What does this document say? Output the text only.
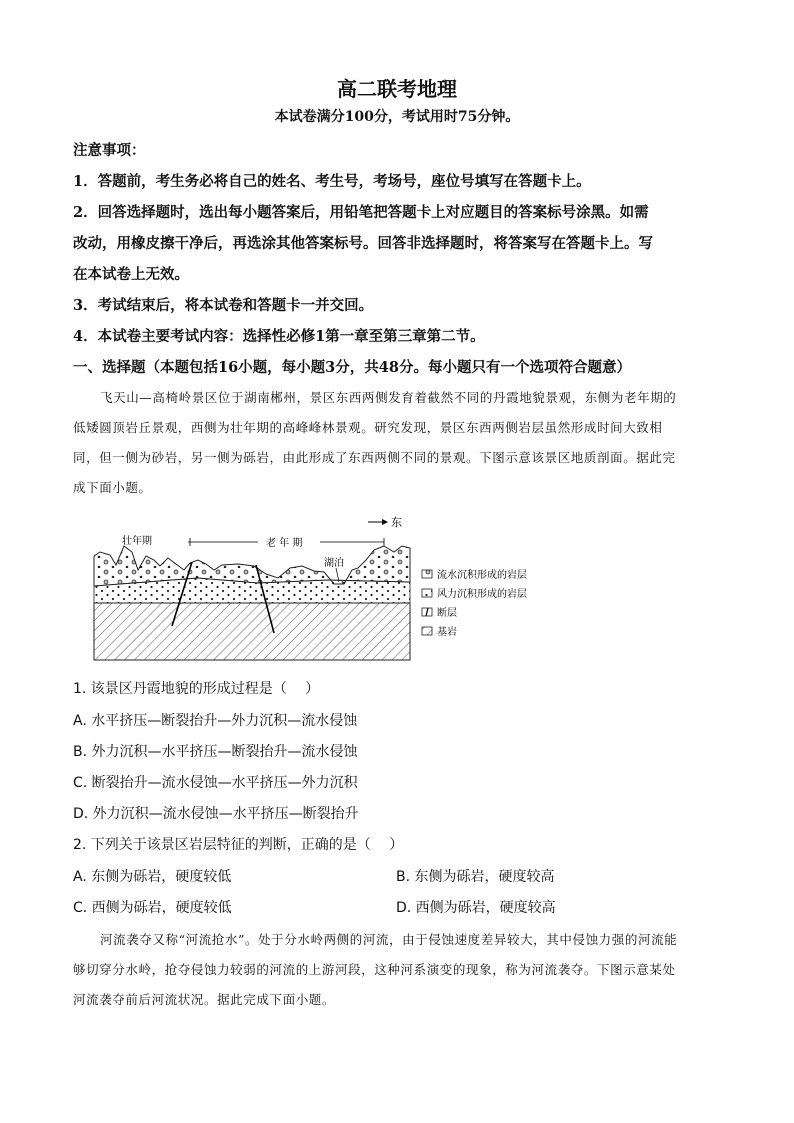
高二联考地理
本试卷满分100分，考试用时75分钟。
注意事项：
1．答题前，考生务必将自己的姓名、考生号，考场号，座位号填写在答题卡上。
2．回答选择题时，选出每小题答案后，用铅笔把答题卡上对应题目的答案标号涂黑。如需
改动，用橡皮擦干净后，再选涂其他答案标号。回答非选择题时，将答案写在答题卡上。写
在本试卷上无效。
3．考试结束后，将本试卷和答题卡一并交回。
4．本试卷主要考试内容：选择性必修1第一章至第三章第二节。
一、选择题（本题包括16小题，每小题3分，共48分。每小题只有一个选项符合题意）
飞天山—高椅岭景区位于湖南郴州，景区东西两侧发育着截然不同的丹霞地貌景观，东侧为老年期的
低矮圆顶岩丘景观，西侧为壮年期的高峰峰林景观。研究发现，景区东西两侧岩层虽然形成时间大致相
同，但一侧为砂岩，另一侧为砾岩，由此形成了东西两侧不同的景观。下图示意该景区地质剖面。据此完
成下面小题。
东
壮年期	老 年 期
湖泊
流水沉积形成的岩层
风力沉积形成的岩层
断层
基岩
1. 该景区丹霞地貌的形成过程是（　 ）
A. 水平挤压—断裂抬升—外力沉积—流水侵蚀
B. 外力沉积—水平挤压—断裂抬升—流水侵蚀
C. 断裂抬升—流水侵蚀—水平挤压—外力沉积
D. 外力沉积—流水侵蚀—水平挤压—断裂抬升
2. 下列关于该景区岩层特征的判断，正确的是（　 ）
A. 东侧为砾岩，硬度较低	B. 东侧为砾岩，硬度较高
C. 西侧为砾岩，硬度较低	D. 西侧为砾岩，硬度较高
河流袭夺又称“河流抢水”。处于分水岭两侧的河流，由于侵蚀速度差异较大，其中侵蚀力强的河流能
够切穿分水岭，抢夺侵蚀力较弱的河流的上游河段，这种河系演变的现象，称为河流袭夺。下图示意某处
河流袭夺前后河流状况。据此完成下面小题。
